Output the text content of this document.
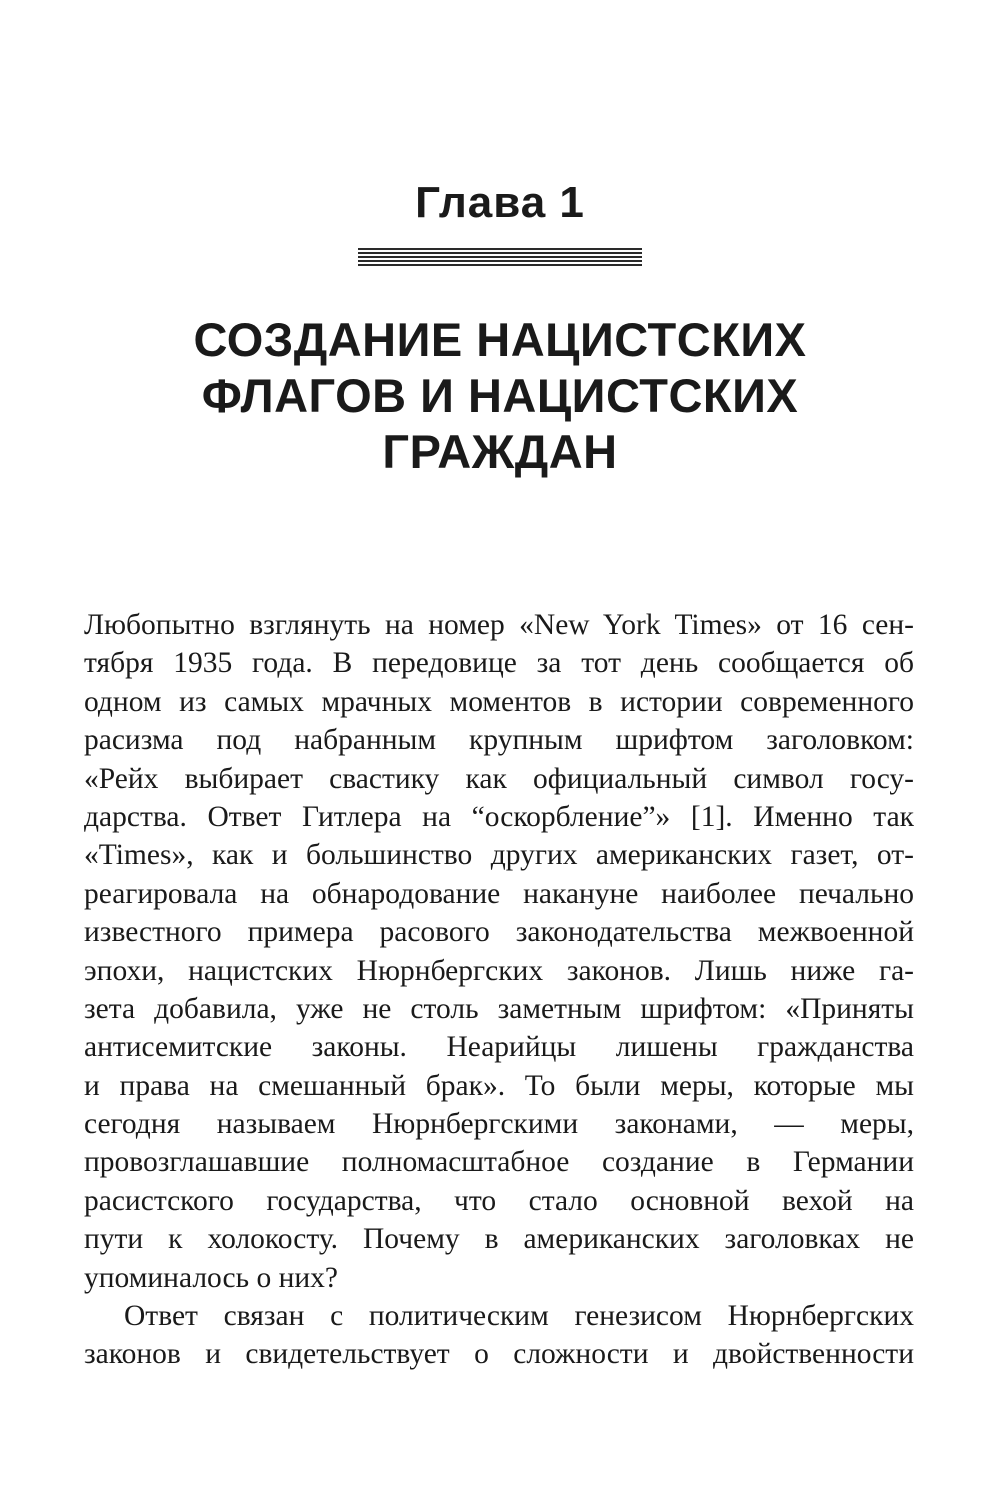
Глава 1
СОЗДАНИЕ НАЦИСТСКИХ
ФЛАГОВ И НАЦИСТСКИХ
ГРАЖДАН
Любопытно взглянуть на номер «New York Times» от 16 сен-
тября 1935 года. В передовице за тот день сообщается об
одном из самых мрачных моментов в истории современного
расизма под набранным крупным шрифтом заголовком:
«Рейх выбирает свастику как официальный символ госу-
дарства. Ответ Гитлера на “оскорбление”» [1]. Именно так
«Times», как и большинство других американских газет, от-
реагировала на обнародование накануне наиболее печально
известного примера расового законодательства межвоенной
эпохи, нацистских Нюрнбергских законов. Лишь ниже га-
зета добавила, уже не столь заметным шрифтом: «Приняты
антисемитские законы. Неарийцы лишены гражданства
и права на смешанный брак». То были меры, которые мы
сегодня называем Нюрнбергскими законами, — меры,
провозглашавшие полномасштабное создание в Германии
расистского государства, что стало основной вехой на
пути к холокосту. Почему в американских заголовках не
упоминалось о них?
Ответ связан с политическим генезисом Нюрнбергских
законов и свидетельствует о сложности и двойственности
